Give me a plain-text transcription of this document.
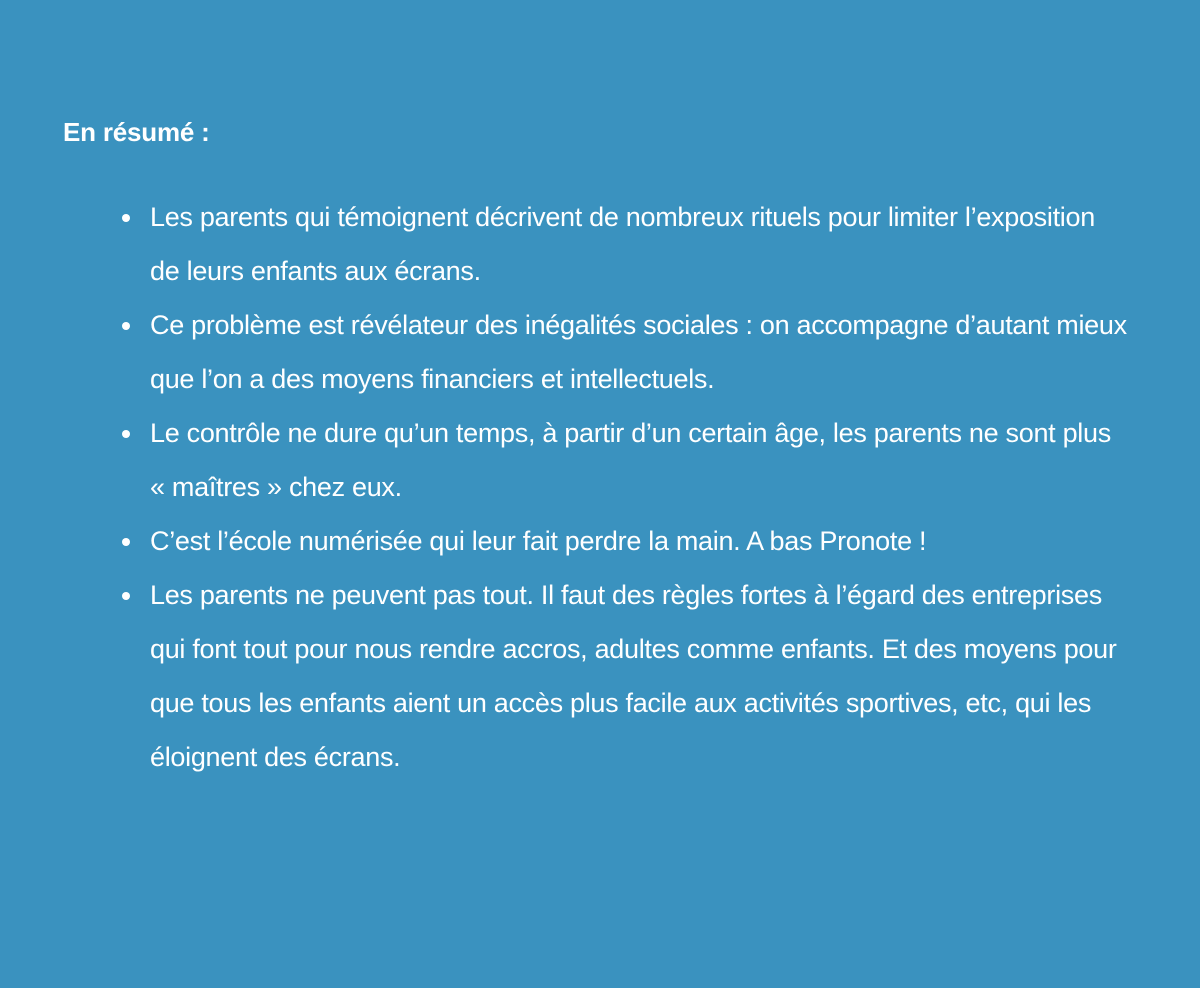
En résumé :
Les parents qui témoignent décrivent de nombreux rituels pour limiter l’exposition de leurs enfants aux écrans.
Ce problème est révélateur des inégalités sociales : on accompagne d’autant mieux que l’on a des moyens financiers et intellectuels.
Le contrôle ne dure qu’un temps, à partir d’un certain âge, les parents ne sont plus « maîtres » chez eux.
C’est l’école numérisée qui leur fait perdre la main. A bas Pronote !
Les parents ne peuvent pas tout. Il faut des règles fortes à l’égard des entreprises qui font tout pour nous rendre accros, adultes comme enfants. Et des moyens pour que tous les enfants aient un accès plus facile aux activités sportives, etc, qui les éloignent des écrans.
